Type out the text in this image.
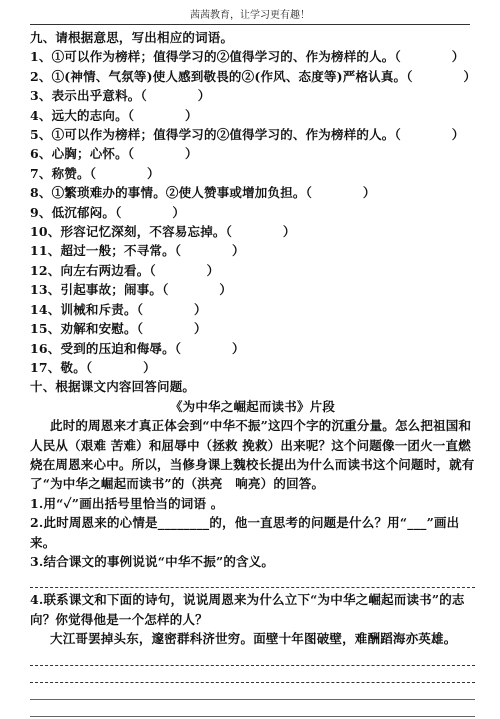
茜茜教育，让学习更有趣！
九、请根据意思，写出相应的词语。
1、①可以作为榜样；值得学习的②值得学习的、作为榜样的人。（　　　　）
2、①(神情、气氛等)使人感到敬畏的②(作风、态度等)严格认真。（　　　　）
3、表示出乎意料。（　　　　）
4、远大的志向。（　　　　）
5、①可以作为榜样；值得学习的②值得学习的、作为榜样的人。（　　　　）
6、心胸；心怀。（　　　　）
7、称赞。（　　　　）
8、①繁琐难办的事情。②使人赞事或增加负担。（　　　　）
9、低沉郁闷。（　　　　）
10、形容记忆深刻，不容易忘掉。（　　　　）
11、超过一般；不寻常。（　　　　）
12、向左右两边看。（　　　　）
13、引起事故；闹事。（　　　　）
14、训械和斥责。（　　　　）
15、劝解和安慰。（　　　　）
16、受到的压迫和侮辱。（　　　　）
17、敬。（　　　　）
十、根据课文内容回答问题。
《为中华之崛起而读书》片段
此时的周恩来才真正体会到“中华不振”这四个字的沉重分量。怎么把祖国和人民从（艰难 苦难）和屈辱中（拯救 挽救）出来呢？这个问题像一团火一直燃烧在周恩来心中。所以，当修身课上魏校长提出为什么而读书这个问题时，就有了“为中华之崛起而读书”的（洪亮　响亮）的回答。
1.用“✓”画出括号里恰当的词语 。
2.此时周恩来的心情是________的，他一直思考的问题是什么？用“___”画出来。
3.结合课文的事例说说“中华不振”的含义。
4.联系课文和下面的诗句，说说周恩来为什么立下“为中华之崛起而读书”的志向？你觉得他是一个怎样的人？
大江哥罢掉头东，邃密群科济世穷。面壁十年图破壁，难酬蹈海亦英雄。
